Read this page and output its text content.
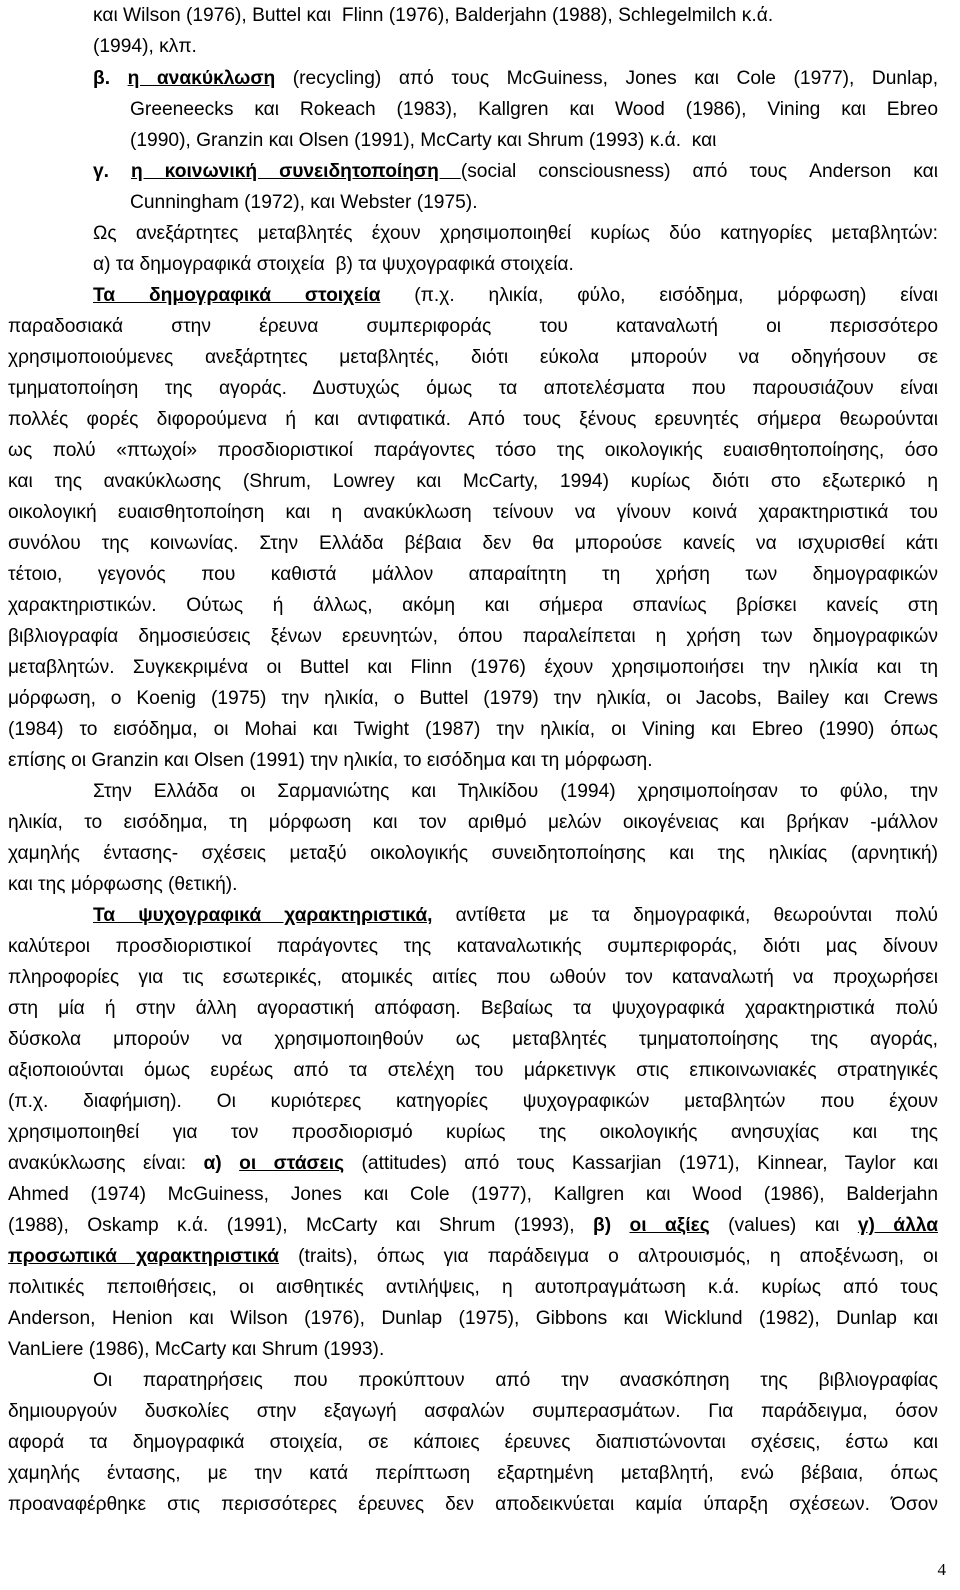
και Wilson (1976), Buttel και  Flinn (1976), Balderjahn (1988), Schlegelmilch κ.ά.
(1994), κλπ.
β. η ανακύκλωση (recycling) από τους McGuiness, Jones και Cole (1977), Dunlap,
Greeneecks και Rokeach (1983), Kallgren και Wood (1986), Vining και Ebreo
(1990), Granzin και Olsen (1991), McCarty και Shrum (1993) κ.ά.  και
γ. η κοινωνική συνειδητοποίηση (social consciousness) από τους Anderson και
Cunningham (1972), και Webster (1975).
Ως ανεξάρτητες μεταβλητές έχουν χρησιμοποιηθεί κυρίως δύο κατηγορίες μεταβλητών:
α) τα δημογραφικά στοιχεία  β) τα ψυχογραφικά στοιχεία.
Τα δημογραφικά στοιχεία (π.χ. ηλικία, φύλο, εισόδημα, μόρφωση) είναι
παραδοσιακά στην έρευνα συμπεριφοράς του καταναλωτή οι περισσότερο
χρησιμοποιούμενες ανεξάρτητες μεταβλητές, διότι εύκολα μπορούν να οδηγήσουν σε
τμηματοποίηση της αγοράς. Δυστυχώς όμως τα αποτελέσματα που παρουσιάζουν είναι
πολλές φορές διφορούμενα ή και αντιφατικά. Από τους ξένους ερευνητές σήμερα θεωρούνται
ως πολύ «πτωχοί» προσδιοριστικοί παράγοντες τόσο της οικολογικής ευαισθητοποίησης, όσο
και της ανακύκλωσης (Shrum, Lowrey και McCarty, 1994) κυρίως διότι στο εξωτερικό η
οικολογική ευαισθητοποίηση και η ανακύκλωση τείνουν να γίνουν κοινά χαρακτηριστικά του
συνόλου της κοινωνίας. Στην Ελλάδα βέβαια δεν θα μπορούσε κανείς να ισχυρισθεί κάτι
τέτοιο, γεγονός που καθιστά μάλλον απαραίτητη τη χρήση των δημογραφικών
χαρακτηριστικών. Ούτως ή άλλως, ακόμη και σήμερα σπανίως βρίσκει κανείς στη
βιβλιογραφία δημοσιεύσεις ξένων ερευνητών, όπου παραλείπεται η χρήση των δημογραφικών
μεταβλητών. Συγκεκριμένα οι Buttel και Flinn (1976) έχουν χρησιμοποιήσει την ηλικία και τη
μόρφωση, ο Koenig (1975) την ηλικία, ο Buttel (1979) την ηλικία, οι Jacobs, Bailey και Crews
(1984) το εισόδημα, οι Mohai και Twight (1987) την ηλικία, οι Vining και Ebreo (1990) όπως
επίσης οι Granzin και Olsen (1991) την ηλικία, το εισόδημα και τη μόρφωση.
Στην Ελλάδα οι Σαρμανιώτης και Τηλικίδου (1994) χρησιμοποίησαν το φύλο, την
ηλικία, το εισόδημα, τη μόρφωση και τον αριθμό μελών οικογένειας και βρήκαν -μάλλον
χαμηλής έντασης- σχέσεις μεταξύ οικολογικής συνειδητοποίησης και της ηλικίας (αρνητική)
και της μόρφωσης (θετική).
Τα ψυχογραφικά χαρακτηριστικά, αντίθετα με τα δημογραφικά, θεωρούνται πολύ
καλύτεροι προσδιοριστικοί παράγοντες της καταναλωτικής συμπεριφοράς, διότι μας δίνουν
πληροφορίες για τις εσωτερικές, ατομικές αιτίες που ωθούν τον καταναλωτή να προχωρήσει
στη μία ή στην άλλη αγοραστική απόφαση. Βεβαίως τα ψυχογραφικά χαρακτηριστικά πολύ
δύσκολα μπορούν να χρησιμοποιηθούν ως μεταβλητές τμηματοποίησης της αγοράς,
αξιοποιούνται όμως ευρέως από τα στελέχη του μάρκετινγκ στις επικοινωνιακές στρατηγικές
(π.χ. διαφήμιση). Οι κυριότερες κατηγορίες ψυχογραφικών μεταβλητών που έχουν
χρησιμοποιηθεί για τον προσδιορισμό κυρίως της οικολογικής ανησυχίας και της
ανακύκλωσης είναι: α) οι στάσεις (attitudes) από τους Kassarjian (1971), Kinnear, Taylor και
Ahmed (1974) McGuiness, Jones και Cole (1977), Kallgren και Wood (1986), Balderjahn
(1988), Oskamp κ.ά. (1991), McCarty και Shrum (1993), β) οι αξίες (values) και γ) άλλα
προσωπικά χαρακτηριστικά (traits), όπως για παράδειγμα ο αλτρουισμός, η αποξένωση, οι
πολιτικές πεποιθήσεις, οι αισθητικές αντιλήψεις, η αυτοπραγμάτωση κ.ά. κυρίως από τους
Anderson, Henion και Wilson (1976), Dunlap (1975), Gibbons και Wicklund (1982), Dunlap και
VanLiere (1986), McCarty και Shrum (1993).
Οι παρατηρήσεις που προκύπτουν από την ανασκόπηση της βιβλιογραφίας
δημιουργούν δυσκολίες στην εξαγωγή ασφαλών συμπερασμάτων. Για παράδειγμα, όσον
αφορά τα δημογραφικά στοιχεία, σε κάποιες έρευνες διαπιστώνονται σχέσεις, έστω και
χαμηλής έντασης, με την κατά περίπτωση εξαρτημένη μεταβλητή, ενώ βέβαια, όπως
προαναφέρθηκε στις περισσότερες έρευνες δεν αποδεικνύεται καμία ύπαρξη σχέσεων. Όσον
4
